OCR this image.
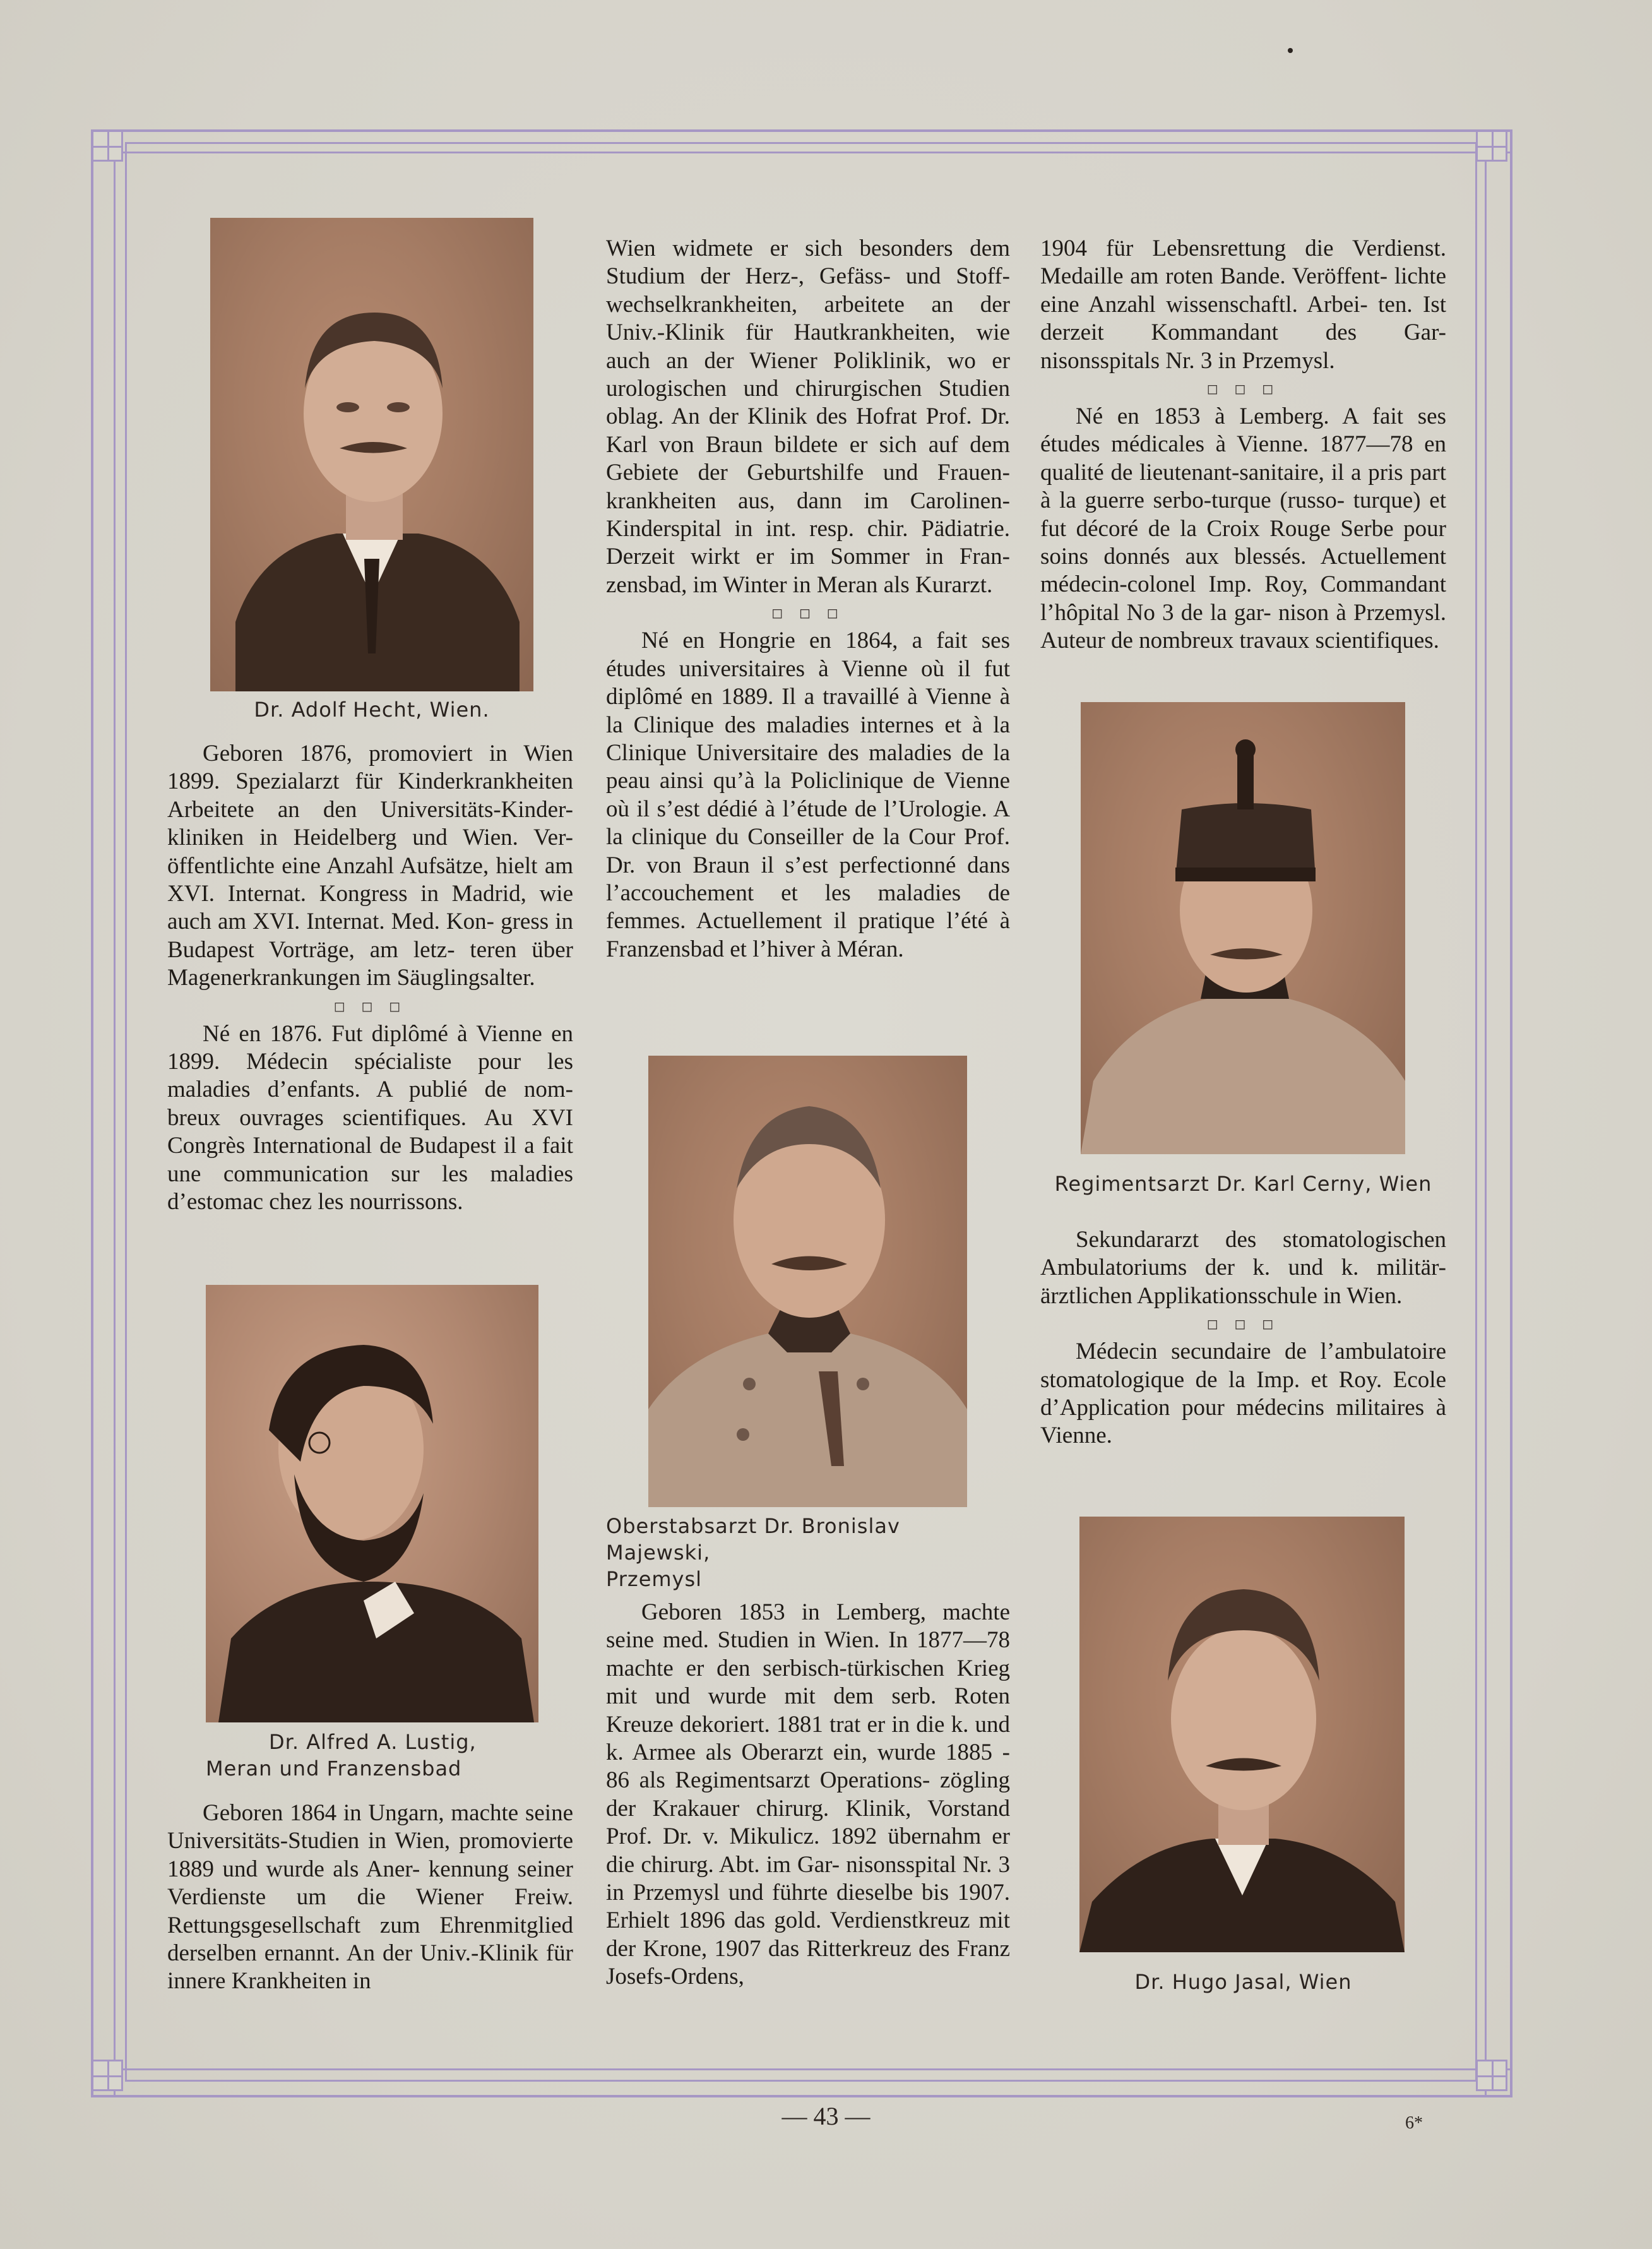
Dr. Adolf Hecht, Wien.

Geboren 1876, promoviert in Wien 1899. Spezialarzt für Kinderkrankheiten Arbeitete an den Universitäts-Kinder- kliniken in Heidelberg und Wien. Ver- öffentlichte eine Anzahl Aufsätze, hielt am XVI. Internat. Kongress in Madrid, wie auch am XVI. Internat. Med. Kon- gress in Budapest Vorträge, am letz- teren über Magenerkrankungen im Säuglingsalter.

◻ ◻ ◻

Né en 1876. Fut diplômé à Vienne en 1899. Médecin spécialiste pour les maladies d’enfants. A publié de nom- breux ouvrages scientifiques. Au XVI Congrès International de Budapest il a fait une communication sur les maladies d’estomac chez les nourrissons.

Dr. Alfred A. Lustig,
Meran und Franzensbad

Geboren 1864 in Ungarn, machte seine Universitäts-Studien in Wien, promovierte 1889 und wurde als Aner- kennung seiner Verdienste um die Wiener Freiw. Rettungsgesellschaft zum Ehrenmitglied derselben ernannt. An der Univ.-Klinik für innere Krankheiten in

Wien widmete er sich besonders dem Studium der Herz-, Gefäss- und Stoff- wechselkrankheiten, arbeitete an der Univ.-Klinik für Hautkrankheiten, wie auch an der Wiener Poliklinik, wo er urologischen und chirurgischen Studien oblag. An der Klinik des Hofrat Prof. Dr. Karl von Braun bildete er sich auf dem Gebiete der Geburtshilfe und Frauen- krankheiten aus, dann im Carolinen- Kinderspital in int. resp. chir. Pädiatrie. Derzeit wirkt er im Sommer in Fran- zensbad, im Winter in Meran als Kurarzt.

◻ ◻ ◻

Né en Hongrie en 1864, a fait ses études universitaires à Vienne où il fut diplômé en 1889. Il a travaillé à Vienne à la Clinique des maladies internes et à la Clinique Universitaire des maladies de la peau ainsi qu’à la Policlinique de Vienne où il s’est dédié à l’étude de l’Urologie. A la clinique du Conseiller de la Cour Prof. Dr. von Braun il s’est perfectionné dans l’accouchement et les maladies de femmes. Actuellement il pratique l’été à Franzensbad et l’hiver à Méran.

Oberstabsarzt Dr. Bronislav Majewski,
Przemysl

Geboren 1853 in Lemberg, machte seine med. Studien in Wien. In 1877—78 machte er den serbisch-türkischen Krieg mit und wurde mit dem serb. Roten Kreuze dekoriert. 1881 trat er in die k. und k. Armee als Oberarzt ein, wurde 1885 - 86 als Regimentsarzt Operations- zögling der Krakauer chirurg. Klinik, Vorstand Prof. Dr. v. Mikulicz. 1892 übernahm er die chirurg. Abt. im Gar- nisonsspital Nr. 3 in Przemysl und führte dieselbe bis 1907. Erhielt 1896 das gold. Verdienstkreuz mit der Krone, 1907 das Ritterkreuz des Franz Josefs-Ordens,

1904 für Lebensrettung die Verdienst. Medaille am roten Bande. Veröffent- lichte eine Anzahl wissenschaftl. Arbei- ten. Ist derzeit Kommandant des Gar- nisonsspitals Nr. 3 in Przemysl.

◻ ◻ ◻

Né en 1853 à Lemberg. A fait ses études médicales à Vienne. 1877—78 en qualité de lieutenant-sanitaire, il a pris part à la guerre serbo-turque (russo- turque) et fut décoré de la Croix Rouge Serbe pour soins donnés aux blessés. Actuellement médecin-colonel Imp. Roy, Commandant l’hôpital No 3 de la gar- nison à Przemysl. Auteur de nombreux travaux scientifiques.

Regimentsarzt Dr. Karl Cerny, Wien

Sekundararzt des stomatologischen Ambulatoriums der k. und k. militär- ärztlichen Applikationsschule in Wien.

◻ ◻ ◻

Médecin secundaire de l’ambulatoire stomatologique de la Imp. et Roy. Ecole d’Application pour médecins militaires à Vienne.

Dr. Hugo Jasal, Wien
— 43 —	6*
